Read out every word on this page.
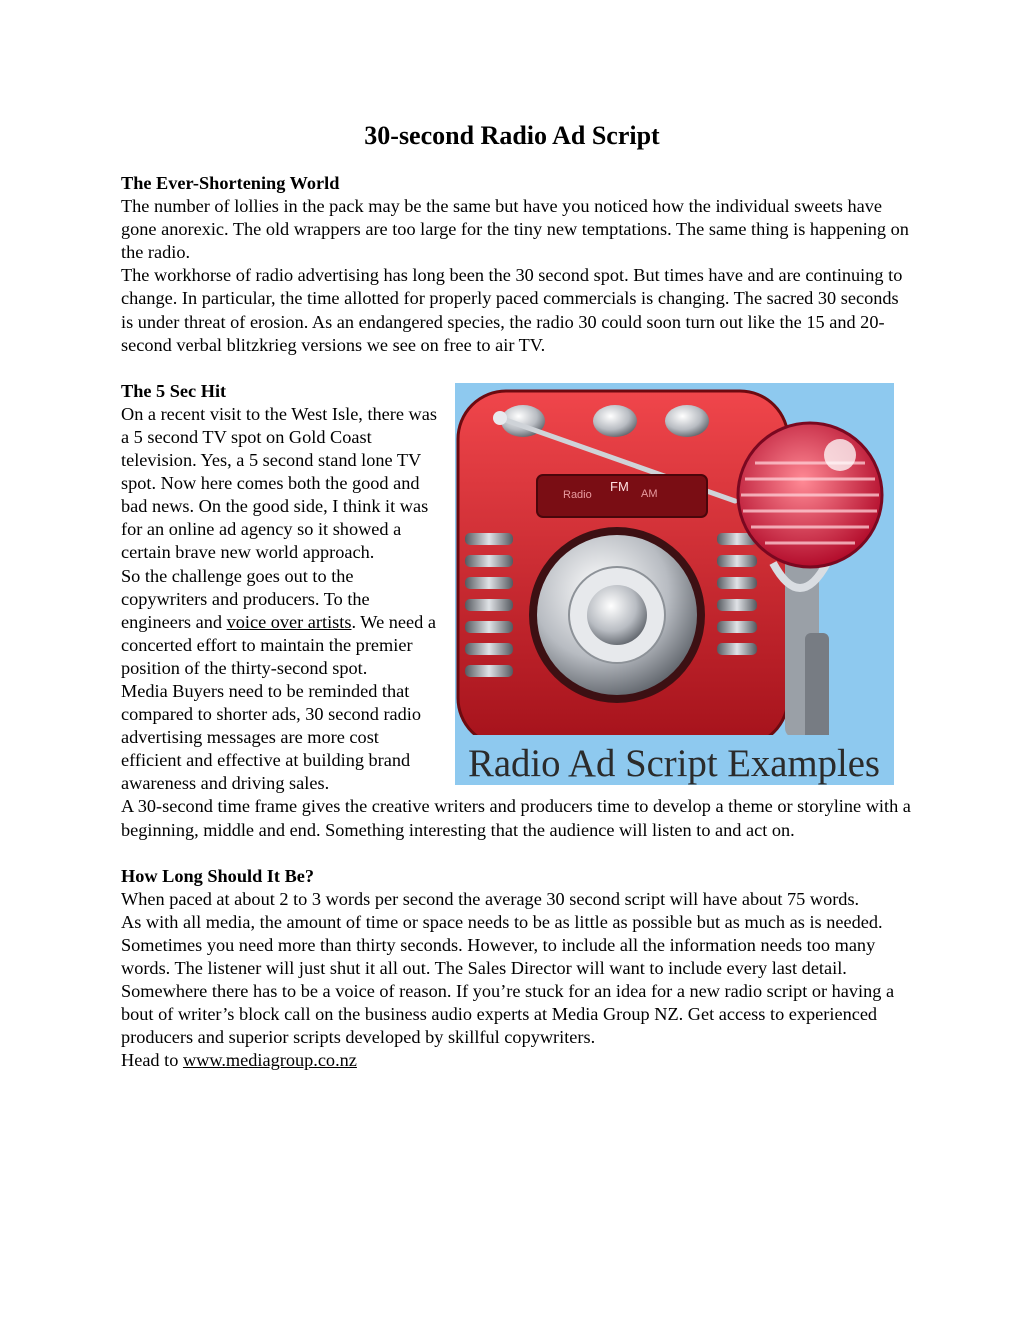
30-second Radio Ad Script
The Ever-Shortening World

The number of lollies in the pack may be the same but have you noticed how the individual sweets have gone anorexic. The old wrappers are too large for the tiny new temptations. The same thing is happening on the radio.

The workhorse of radio advertising has long been the 30 second spot. But times have and are continuing to change. In particular, the time allotted for properly paced commercials is changing. The sacred 30 seconds is under threat of erosion. As an endangered species, the radio 30 could soon turn out like the 15 and 20-second verbal blitzkrieg versions we see on free to air TV.

Radio
FM AM
Radio Ad Script Examples
The 5 Sec Hit

On a recent visit to the West Isle, there was a 5 second TV spot on Gold Coast television. Yes, a 5 second stand lone TV spot. Now here comes both the good and bad news. On the good side, I think it was for an online ad agency so it showed a certain brave new world approach.

So the challenge goes out to the copywriters and producers. To the engineers and voice over artists. We need a concerted effort to maintain the premier position of the thirty-second spot.

Media Buyers need to be reminded that compared to shorter ads, 30 second radio advertising messages are more cost efficient and effective at building brand awareness and driving sales.

A 30-second time frame gives the creative writers and producers time to develop a theme or storyline with a beginning, middle and end. Something interesting that the audience will listen to and act on.

How Long Should It Be?

When paced at about 2 to 3 words per second the average 30 second script will have about 75 words.

As with all media, the amount of time or space needs to be as little as possible but as much as is needed.

Sometimes you need more than thirty seconds. However, to include all the information needs too many words. The listener will just shut it all out. The Sales Director will want to include every last detail. Somewhere there has to be a voice of reason. If you’re stuck for an idea for a new radio script or having a bout of writer’s block call on the business audio experts at Media Group NZ. Get access to experienced producers and superior scripts developed by skillful copywriters.

Head to www.mediagroup.co.nz
